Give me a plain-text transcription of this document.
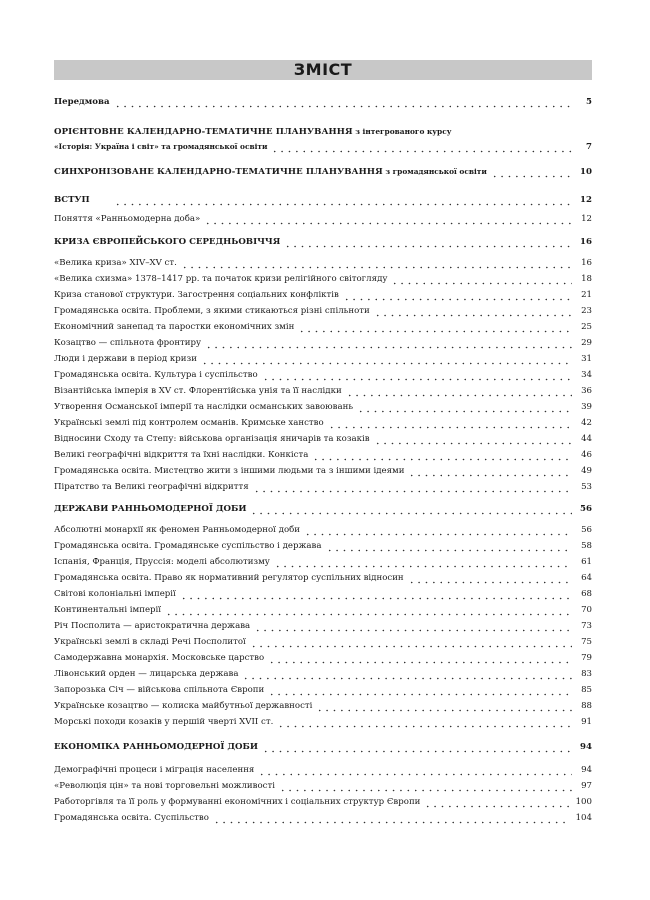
ЗМІСТ
Передмова	5
ОРІЄНТОВНЕ КАЛЕНДАРНО-ТЕМАТИЧНЕ ПЛАНУВАННЯ з інтегрованого курсу
«Історія: Україна і світ» та громадянської освіти	7
СИНХРОНІЗОВАНЕ КАЛЕНДАРНО-ТЕМАТИЧНЕ ПЛАНУВАННЯ з громадянської освіти	10
ВСТУП	12
Поняття «Ранньомодерна доба»	12
КРИЗА ЄВРОПЕЙСЬКОГО СЕРЕДНЬОВІЧЧЯ	16
«Велика криза» XIV–XV ст.	16
«Велика схизма» 1378–1417 рр. та початок кризи релігійного світогляду	18
Криза станової структури. Загострення соціальних конфліктів	21
Громадянська освіта. Проблеми, з якими стикаються різні спільноти	23
Економічний занепад та паростки економічних змін	25
Козацтво — спільнота фронтиру	29
Люди і держави в період кризи	31
Громадянська освіта. Культура і суспільство	34
Візантійська імперія в XV ст. Флорентійська унія та її наслідки	36
Утворення Османської імперії та наслідки османських завоювань	39
Українські землі під контролем османів. Кримське ханство	42
Відносини Сходу та Степу: військова організація яничарів та козаків	44
Великі географічні відкриття та їхні наслідки. Конкіста	46
Громадянська освіта. Мистецтво жити з іншими людьми та з іншими ідеями	49
Піратство та Великі географічні відкриття	53
ДЕРЖАВИ РАННЬОМОДЕРНОЇ ДОБИ	56
Абсолютні монархії як феномен Ранньомодерної доби	56
Громадянська освіта. Громадянське суспільство і держава	58
Іспанія, Франція, Пруссія: моделі абсолютизму	61
Громадянська освіта. Право як нормативний регулятор суспільних відносин	64
Світові колоніальні імперії	68
Континентальні імперії	70
Річ Посполита — аристократична держава	73
Українські землі в складі Речі Посполитої	75
Самодержавна монархія. Московське царство	79
Лівонський орден — лицарська держава	83
Запорозька Січ — військова спільнота Європи	85
Українське козацтво — колиска майбутньої державності	88
Морські походи козаків у першій чверті XVII ст.	91
ЕКОНОМІКА РАННЬОМОДЕРНОЇ ДОБИ	94
Демографічні процеси і міграція населення	94
«Революція цін» та нові торговельні можливості	97
Работоргівля та її роль у формуванні економічних і соціальних структур Європи	100
Громадянська освіта. Суспільство	104
